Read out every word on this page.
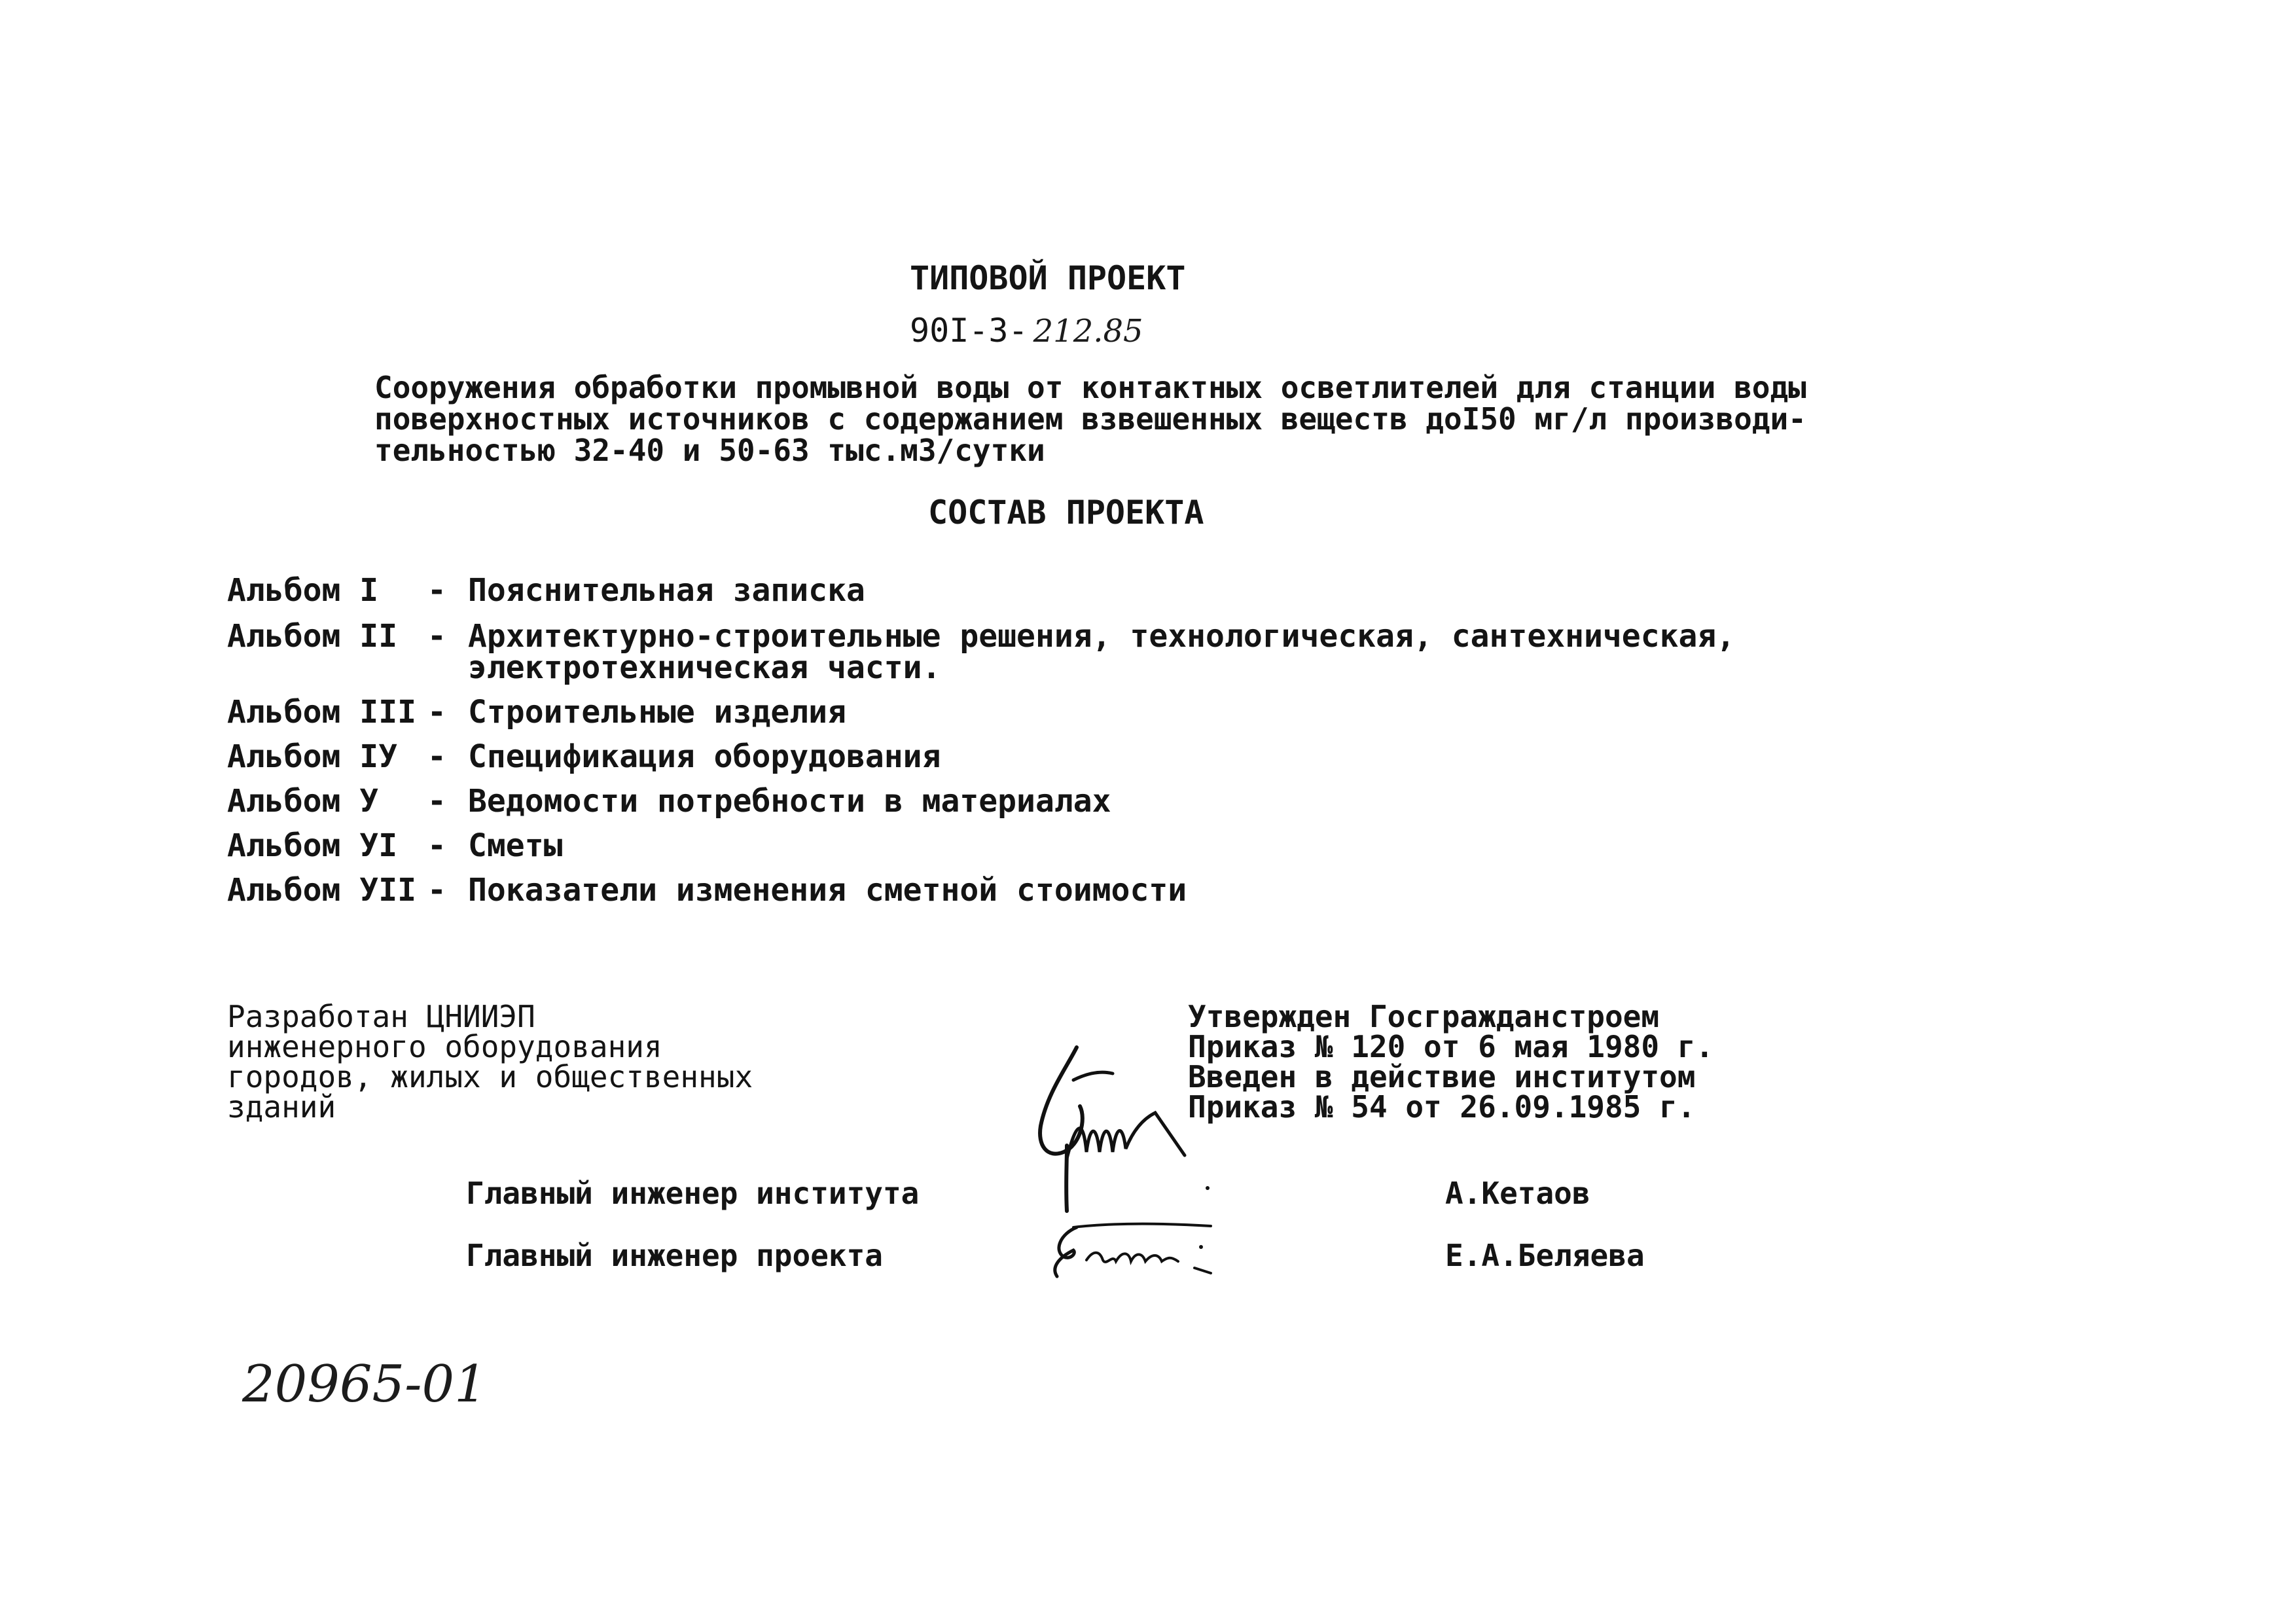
ТИПОВОЙ ПРОЕКТ
90I-3- 212.85
Сооружения обработки промывной воды от контактных осветлителей для станции воды
поверхностных источников с содержанием взвешенных веществ доI50 мг/л производи-
тельностью 32-40 и 50-63 тыс.м3/сутки
СОСТАВ ПРОЕКТА
Альбом I - Пояснительная записка
Альбом II - Архитектурно-строительные решения, технологическая, сантехническая,
электротехническая части.
Альбом III - Строительные изделия
Альбом IУ - Спецификация оборудования
Альбом У - Ведомости потребности в материалах
Альбом УI - Сметы
Альбом УII - Показатели изменения сметной стоимости
Разработан ЦНИИЭП
инженерного оборудования
городов, жилых и общественных
зданий
Утвержден Госгражданстроем
Приказ № 120 от 6 мая 1980 г.
Введен в действие институтом
Приказ № 54 от 26.09.1985 г.
Главный инженер института	А.Кетаов
Главный инженер проекта	Е.А.Беляева
20965-01
